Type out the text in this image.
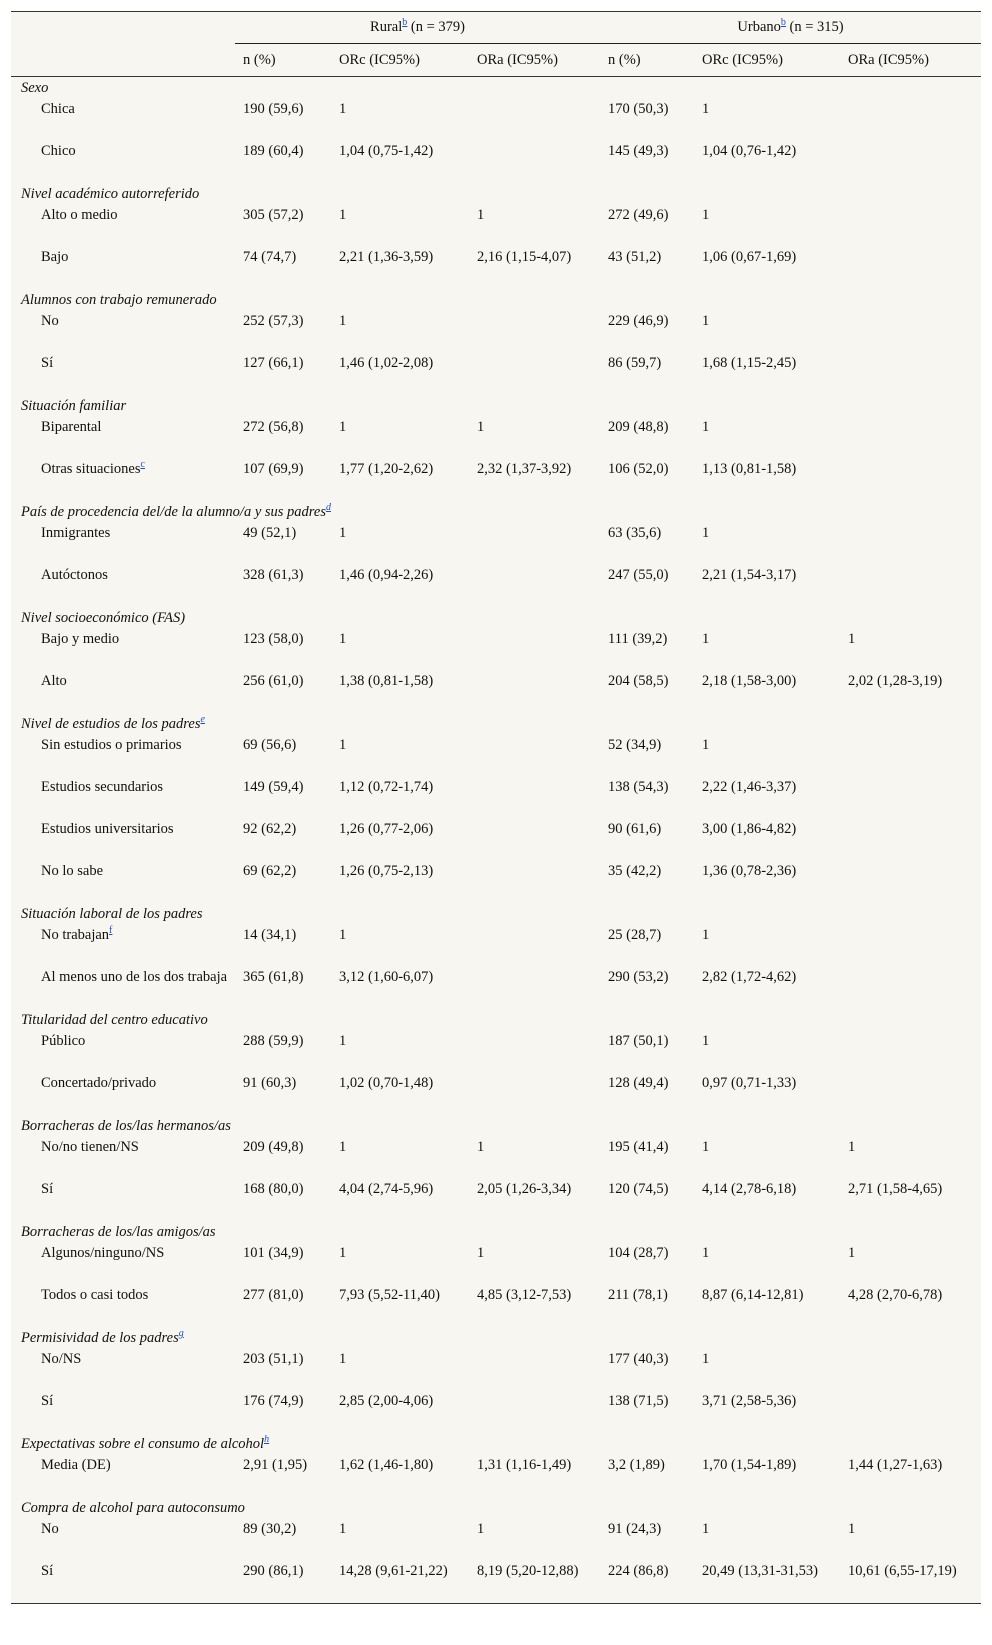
	Rural$^b$ (n = 379)			Urbano$^b$ (n = 315)		
	n (%)	ORc (IC95%)	ORa (IC95%)	n (%)	ORc (IC95%)	ORa (IC95%)
Sexo						
Chica	190 (59,6)	1		170 (50,3)	1	
Chico	189 (60,4)	1,04 (0,75-1,42)		145 (49,3)	1,04 (0,76-1,42)	
Nivel académico autorreferido						
Alto o medio	305 (57,2)	1	1	272 (49,6)	1	
Bajo	74 (74,7)	2,21 (1,36-3,59)	2,16 (1,15-4,07)	43 (51,2)	1,06 (0,67-1,69)	
Alumnos con trabajo remunerado						
No	252 (57,3)	1		229 (46,9)	1	
Sí	127 (66,1)	1,46 (1,02-2,08)		86 (59,7)	1,68 (1,15-2,45)	
Situación familiar						
Biparental	272 (56,8)	1	1	209 (48,8)	1	
Otras situaciones$^c$	107 (69,9)	1,77 (1,20-2,62)	2,32 (1,37-3,92)	106 (52,0)	1,13 (0,81-1,58)	
País de procedencia del/de la alumno/a y sus padres$^d$
Inmigrantes	49 (52,1)	1		63 (35,6)	1	
Autóctonos	328 (61,3)	1,46 (0,94-2,26)		247 (55,0)	2,21 (1,54-3,17)	
Nivel socioeconómico (FAS)						
Bajo y medio	123 (58,0)	1		111 (39,2)	1	1
Alto	256 (61,0)	1,38 (0,81-1,58)		204 (58,5)	2,18 (1,58-3,00)	2,02 (1,28-3,19)
Nivel de estudios de los padres$^e$
Sin estudios o primarios	69 (56,6)	1		52 (34,9)	1	
Estudios secundarios	149 (59,4)	1,12 (0,72-1,74)		138 (54,3)	2,22 (1,46-3,37)	
Estudios universitarios	92 (62,2)	1,26 (0,77-2,06)		90 (61,6)	3,00 (1,86-4,82)	
No lo sabe	69 (62,2)	1,26 (0,75-2,13)		35 (42,2)	1,36 (0,78-2,36)	
Situación laboral de los padres						
No trabajan$^f$	14 (34,1)	1		25 (28,7)	1	
Al menos uno de los dos trabaja	365 (61,8)	3,12 (1,60-6,07)		290 (53,2)	2,82 (1,72-4,62)	
Titularidad del centro educativo						
Público	288 (59,9)	1		187 (50,1)	1	
Concertado/privado	91 (60,3)	1,02 (0,70-1,48)		128 (49,4)	0,97 (0,71-1,33)	
Borracheras de los/las hermanos/as						
No/no tienen/NS	209 (49,8)	1	1	195 (41,4)	1	1
Sí	168 (80,0)	4,04 (2,74-5,96)	2,05 (1,26-3,34)	120 (74,5)	4,14 (2,78-6,18)	2,71 (1,58-4,65)
Borracheras de los/las amigos/as						
Algunos/ninguno/NS	101 (34,9)	1	1	104 (28,7)	1	1
Todos o casi todos	277 (81,0)	7,93 (5,52-11,40)	4,85 (3,12-7,53)	211 (78,1)	8,87 (6,14-12,81)	4,28 (2,70-6,78)
Permisividad de los padres$^g$
No/NS	203 (51,1)	1		177 (40,3)	1	
Sí	176 (74,9)	2,85 (2,00-4,06)		138 (71,5)	3,71 (2,58-5,36)	
Expectativas sobre el consumo de alcohol$^h$
Media (DE)	2,91 (1,95)	1,62 (1,46-1,80)	1,31 (1,16-1,49)	3,2 (1,89)	1,70 (1,54-1,89)	1,44 (1,27-1,63)
Compra de alcohol para autoconsumo						
No	89 (30,2)	1	1	91 (24,3)	1	1
Sí	290 (86,1)	14,28 (9,61-21,22)	8,19 (5,20-12,88)	224 (86,8)	20,49 (13,31-31,53)	10,61 (6,55-17,19)
